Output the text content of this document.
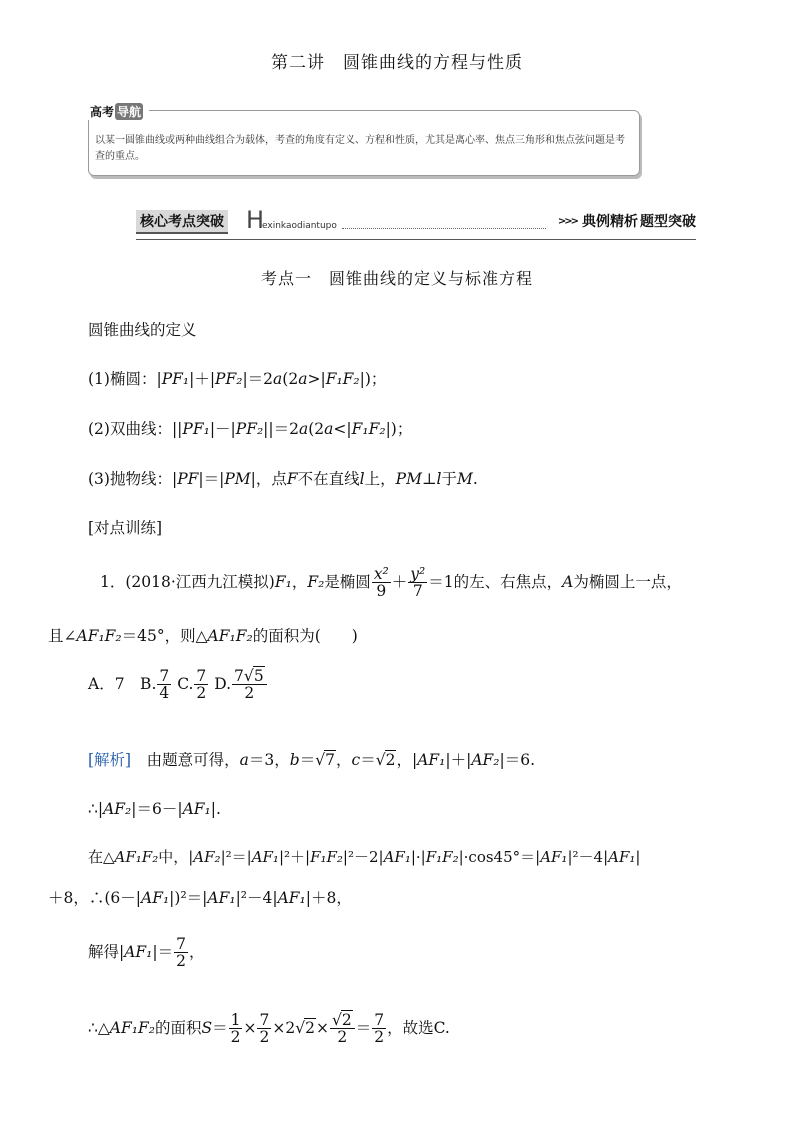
第二讲　圆锥曲线的方程与性质
高考 导航
以某一圆锥曲线或两种曲线组合为载体，考查的角度有定义、方程和性质，尤其是离心率、焦点三角形和焦点弦问题是考查的重点。
核心考点突破 H
exinkaodiantupo	>>> 典例精析 题型突破
考点一　圆锥曲线的定义与标准方程
圆锥曲线的定义
(1)椭圆：|PF₁|＋|PF₂|＝2a(2a>|F₁F₂|)；
(2)双曲线：||PF₁|－|PF₂||＝2a(2a<|F₁F₂|)；
(3)抛物线：|PF|＝|PM|，点F不在直线l上，PM⊥l于M.
[对点训练]
1．(2018·江西九江模拟)F₁，F₂是椭圆 $\frac{\text{x²}}{9} + \frac{\text{y²}}{7} =1$的左、右焦点，A为椭圆上一点，
且∠AF₁F₂＝45°，则△AF₁F₂的面积为(　　)
A．7　B. $\frac{7}{4} C$. $\frac{7}{2} D$. $\frac{7√5}{2}$
[解析]　 由题意可得，a＝3，b＝√7，c＝√2，|AF₁|＋|AF₂|＝6.
∴|AF₂|＝6－|AF₁|.
在△AF₁F₂中，|AF₂|²＝|AF₁|²＋|F₁F₂|²－2|AF₁|·|F₁F₂|·cos45°＝|AF₁|²－4|AF₁|
＋8，∴(6－|AF₁|)²＝|AF₁|²－4|AF₁|＋8，
解得$|AF_1|= \frac{7}{2}$ ，
∴△AF₁F₂的面积$S= \frac{1}{2} \times \frac{7}{2} \times 2√2\times \frac{√2}{2} = \frac{7}{2}$ ，故选C.
